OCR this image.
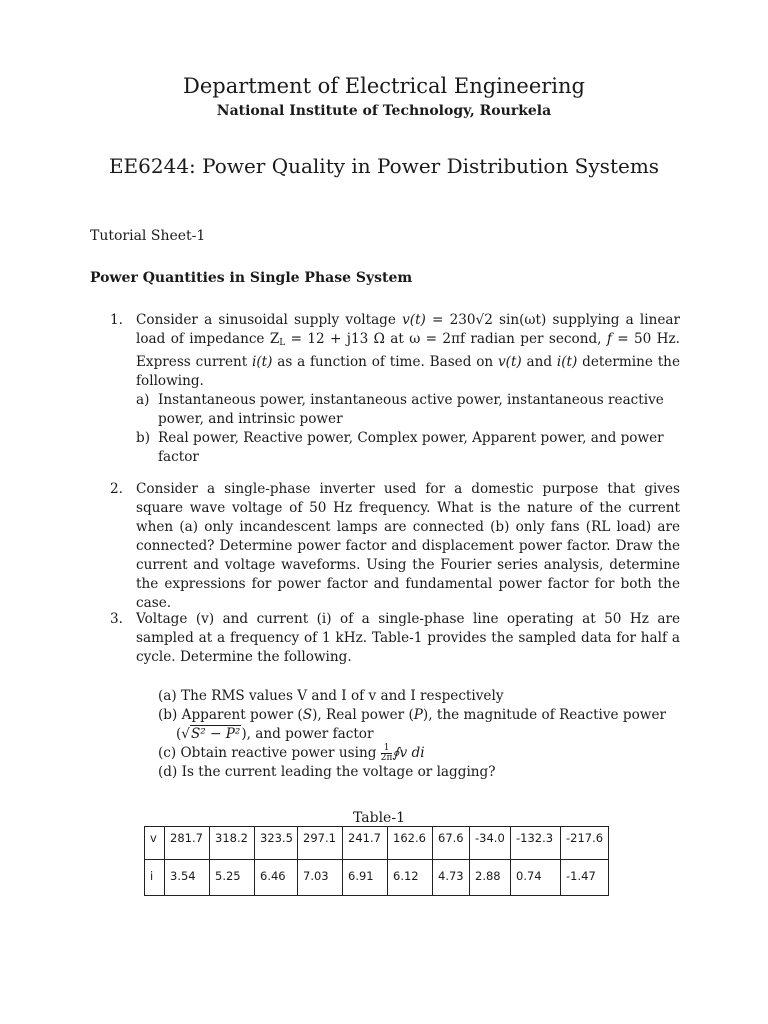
Department of Electrical Engineering
National Institute of Technology, Rourkela
EE6244: Power Quality in Power Distribution Systems
Tutorial Sheet-1
Power Quantities in Single Phase System
1. Consider a sinusoidal supply voltage v(t) = 230√2 sin(ωt) supplying a linear load of impedance $Z_L = 12 + j13$ Ω at ω = 2πf radian per second, f = 50 Hz. Express current i(t) as a function of time. Based on v(t) and i(t) determine the following.
a) Instantaneous power, instantaneous active power, instantaneous reactive power, and intrinsic power
b) Real power, Reactive power, Complex power, Apparent power, and power factor
2. Consider a single-phase inverter used for a domestic purpose that gives square wave voltage of 50 Hz frequency. What is the nature of the current when (a) only incandescent lamps are connected (b) only fans (RL load) are connected? Determine power factor and displacement power factor. Draw the current and voltage waveforms. Using the Fourier series analysis, determine the expressions for power factor and fundamental power factor for both the case.
3. Voltage (v) and current (i) of a single-phase line operating at 50 Hz are sampled at a frequency of 1 kHz. Table-1 provides the sampled data for half a cycle. Determine the following.
(a) The RMS values V and I of v and I respectively
(b) Apparent power (S), Real power (P), the magnitude of Reactive power
(√S² − P²), and power factor
(c) Obtain reactive power using $\frac{1}{2\pi}$ ∮v di
(d) Is the current leading the voltage or lagging?
Table-1
v	281.7	318.2	323.5	297.1	241.7	162.6	67.6	-34.0	-132.3	-217.6
i	3.54	5.25	6.46	7.03	6.91	6.12	4.73	2.88	0.74	-1.47
